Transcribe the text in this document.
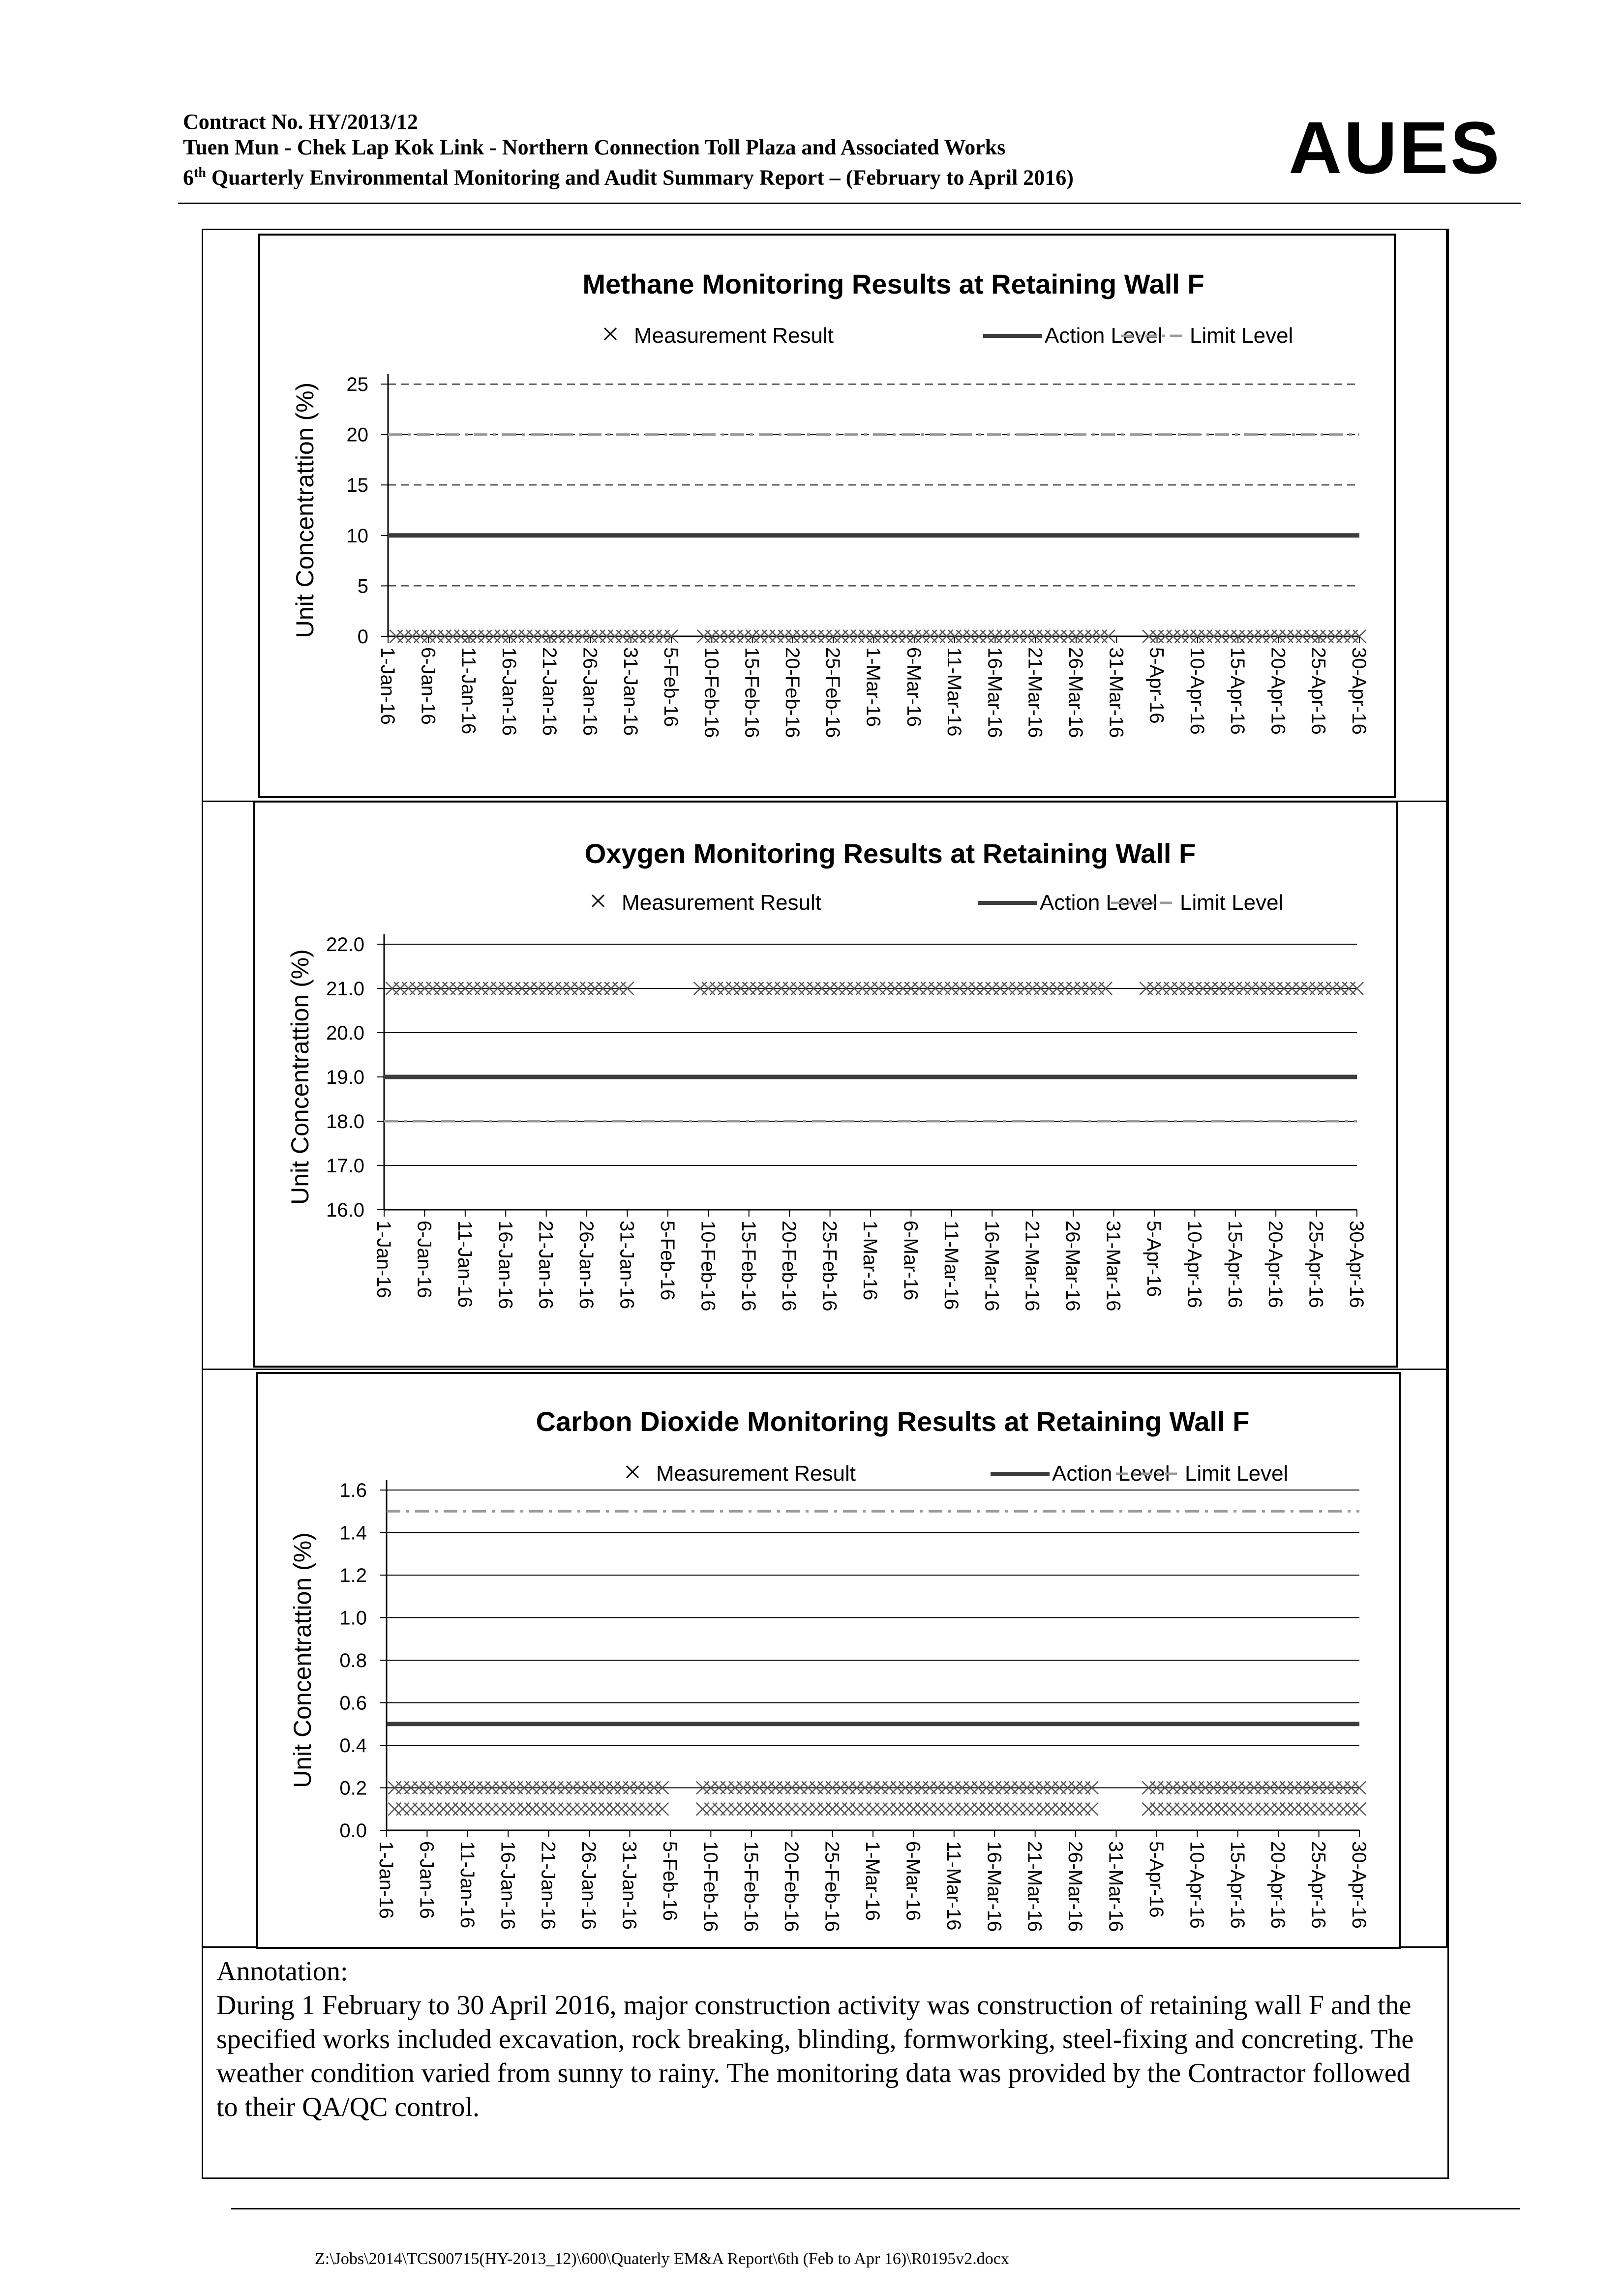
Contract No. HY/2013/12
Tuen Mun - Chek Lap Kok Link - Northern Connection Toll Plaza and Associated Works
6th Quarterly Environmental Monitoring and Audit Summary Report – (February to April 2016)	AUES
Methane Monitoring Results at Retaining Wall F
Measurement Result	Action Level Limit Level
0
5
10
15
20
25
1-Jan-16 6-Jan-16 11-Jan-16 16-Jan-16 21-Jan-16 26-Jan-16 31-Jan-16 5-Feb-16 10-Feb-16 15-Feb-16 20-Feb-16 25-Feb-16 1-Mar-16 6-Mar-16 11-Mar-16 16-Mar-16 21-Mar-16 26-Mar-16 31-Mar-16 5-Apr-16 10-Apr-16 15-Apr-16 20-Apr-16 25-Apr-16 30-Apr-16
Unit Concentrattion (%)
Oxygen Monitoring Results at Retaining Wall F
Measurement Result	Action Level Limit Level
16.0
17.0
18.0
19.0
20.0
21.0
22.0
1-Jan-16 6-Jan-16 11-Jan-16 16-Jan-16 21-Jan-16 26-Jan-16 31-Jan-16 5-Feb-16 10-Feb-16 15-Feb-16 20-Feb-16 25-Feb-16 1-Mar-16 6-Mar-16 11-Mar-16 16-Mar-16 21-Mar-16 26-Mar-16 31-Mar-16 5-Apr-16 10-Apr-16 15-Apr-16 20-Apr-16 25-Apr-16 30-Apr-16
Unit Concentrattion (%)
Carbon Dioxide Monitoring Results at Retaining Wall F
Measurement Result	Action Level Limit Level
0.0
0.2
0.4
0.6
0.8
1.0
1.2
1.4
1.6
1-Jan-16 6-Jan-16 11-Jan-16 16-Jan-16 21-Jan-16 26-Jan-16 31-Jan-16 5-Feb-16 10-Feb-16 15-Feb-16 20-Feb-16 25-Feb-16 1-Mar-16 6-Mar-16 11-Mar-16 16-Mar-16 21-Mar-16 26-Mar-16 31-Mar-16 5-Apr-16 10-Apr-16 15-Apr-16 20-Apr-16 25-Apr-16 30-Apr-16
Unit Concentrattion (%)
Annotation:
During 1 February to 30 April 2016, major construction activity was construction of retaining wall F and the specified works included excavation, rock breaking, blinding, formworking, steel-fixing and concreting. The weather condition varied from sunny to rainy. The monitoring data was provided by the Contractor followed to their QA/QC control.
Z:\Jobs\2014\TCS00715(HY-2013_12)\600\Quaterly EM&A Report\6th (Feb to Apr 16)\R0195v2.docx
